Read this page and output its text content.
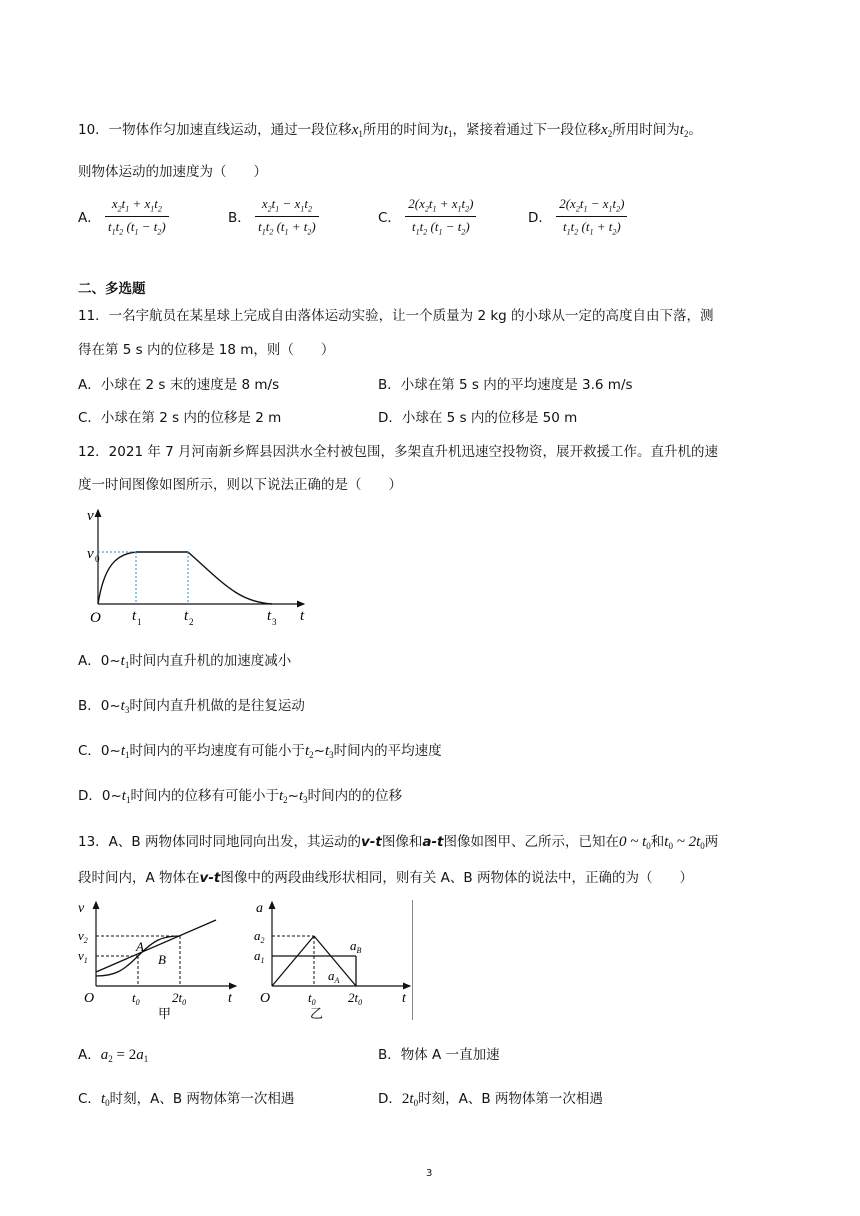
10．一物体作匀加速直线运动，通过一段位移$x_1$所用的时间为$t_1$，紧接着通过下一段位移$x_2$所用时间为$t_2$。
则物体运动的加速度为（　　）
A． $\frac{x_2t_1 + x_1t_2}{t_1t_2 (t_1 - t_2)}$	B． $\frac{x_2t_1 - x_1t_2}{t_1t_2 (t_1 + t_2)}$	C． $\frac{2(x_2t_1 + x_1t_2)}{t_1t_2 (t_1 - t_2)}$	D． $\frac{2(x_2t_1 - x_1t_2)}{t_1t_2 (t_1 + t_2)}$
二、多选题
11．一名宇航员在某星球上完成自由落体运动实验，让一个质量为 2 kg 的小球从一定的高度自由下落，测
得在第 5 s 内的位移是 18 m，则（　　）
A．小球在 2 s 末的速度是 8 m/s	B．小球在第 5 s 内的平均速度是 3.6 m/s
C．小球在第 2 s 内的位移是 2 m	D．小球在 5 s 内的位移是 50 m
12．2021 年 7 月河南新乡辉县因洪水全村被包围，多架直升机迅速空投物资，展开救援工作。直升机的速
度一时间图像如图所示，则以下说法正确的是（　　）
v
v 0
O t 1	t 2	t 3 t
A．$0\sim t_1$时间内直升机的加速度减小
B．$0\sim t_3$时间内直升机做的是往复运动
C．$0\sim t_1$时间内的平均速度有可能小于$t_2\sim t_3$时间内的平均速度
D．$0\sim t_1$时间内的位移有可能小于$t_2\sim t_3$时间内的的位移
13．A、B 两物体同时同地同向出发，其运动的v-t图像和a-t图像如图甲、乙所示，已知在0 ~ $t_0$和$t_0$ ~ $2t_0$两
段时间内，A 物体在v-t图像中的两段曲线形状相同，则有关 A、B 两物体的说法中，正确的为（　　）
v
$v_2$
$v_1$
A
B
O	$t_0$ $2t_0$	t
甲
a
$a_2$
$a_1$
$a_B$
$a_A$
O	$t_0$ $2t_0$	t
乙
A．$a_2 = 2a_1$	B．物体 A 一直加速
C．$t_0$时刻，A、B 两物体第一次相遇	D．$2t_0$时刻，A、B 两物体第一次相遇
3
